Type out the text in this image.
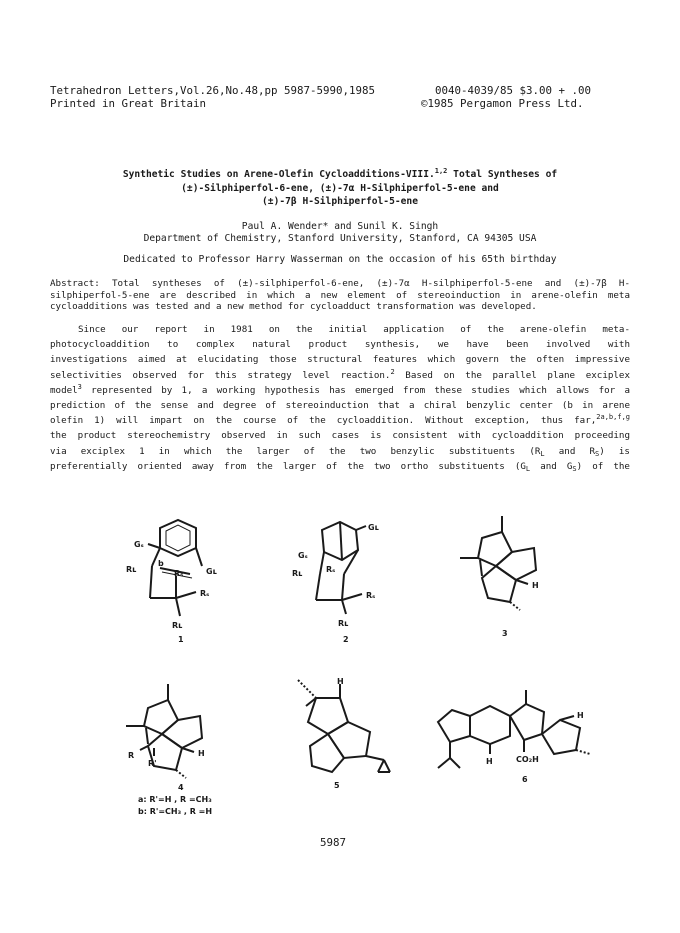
Tetrahedron Letters,Vol.26,No.48,pp 5987-5990,1985	0040-4039/85 $3.00 + .00
Printed in Great Britain	©1985 Pergamon Press Ltd.
Synthetic Studies on Arene-Olefin Cycloadditions-VIII.$^{1,2}$ Total Syntheses of
(±)-Silphiperfol-6-ene, (±)-7α H-Silphiperfol-5-ene and
(±)-7β H-Silphiperfol-5-ene
Paul A. Wender* and Sunil K. Singh
Department of Chemistry, Stanford University, Stanford, CA 94305 USA
Dedicated to Professor Harry Wasserman on the occasion of his 65th birthday
Abstract: Total syntheses of (±)-silphiperfol-6-ene, (±)-7α H-silphiperfol-5-ene and (±)-7β H-
silphiperfol-5-ene are described in which a new element of stereoinduction in arene-olefin meta
cycloadditions was tested and a new method for cycloadduct transformation was developed.
Since our report in 1981 on the initial application of the arene-olefin meta-
photocycloaddition to complex natural product synthesis, we have been involved with
investigations aimed at elucidating those structural features which govern the often impressive
selectivities observed for this strategy level reaction.$^2$ Based on the parallel plane exciplex
model$^3$ represented by 1, a working hypothesis has emerged from these studies which allows for a
prediction of the sense and degree of stereoinduction that a chiral benzylic center (b in arene
olefin 1) will impart on the course of the cycloaddition. Without exception, thus far,$^{2a,b,f,g}$
the product stereochemistry observed in such cases is consistent with cycloaddition proceeding
via exciplex 1 in which the larger of the two benzylic substituents ($R_L$ and $R_S$) is
preferentially oriented away from the larger of the two ortho substituents ($G_L$ and $G_S$) of the
Gₛ
Gʟ
Rʟ
b
Rₛ
Rₛ
Rʟ
1
Gₛ
Gʟ
Rʟ	Rₛ
Rₛ
Rʟ
2
H
3
R
R'
H
4
a: R'=H , R =CH₃
b: R'=CH₃ , R =H
H
5
H
H	CO₂H
6
5987
